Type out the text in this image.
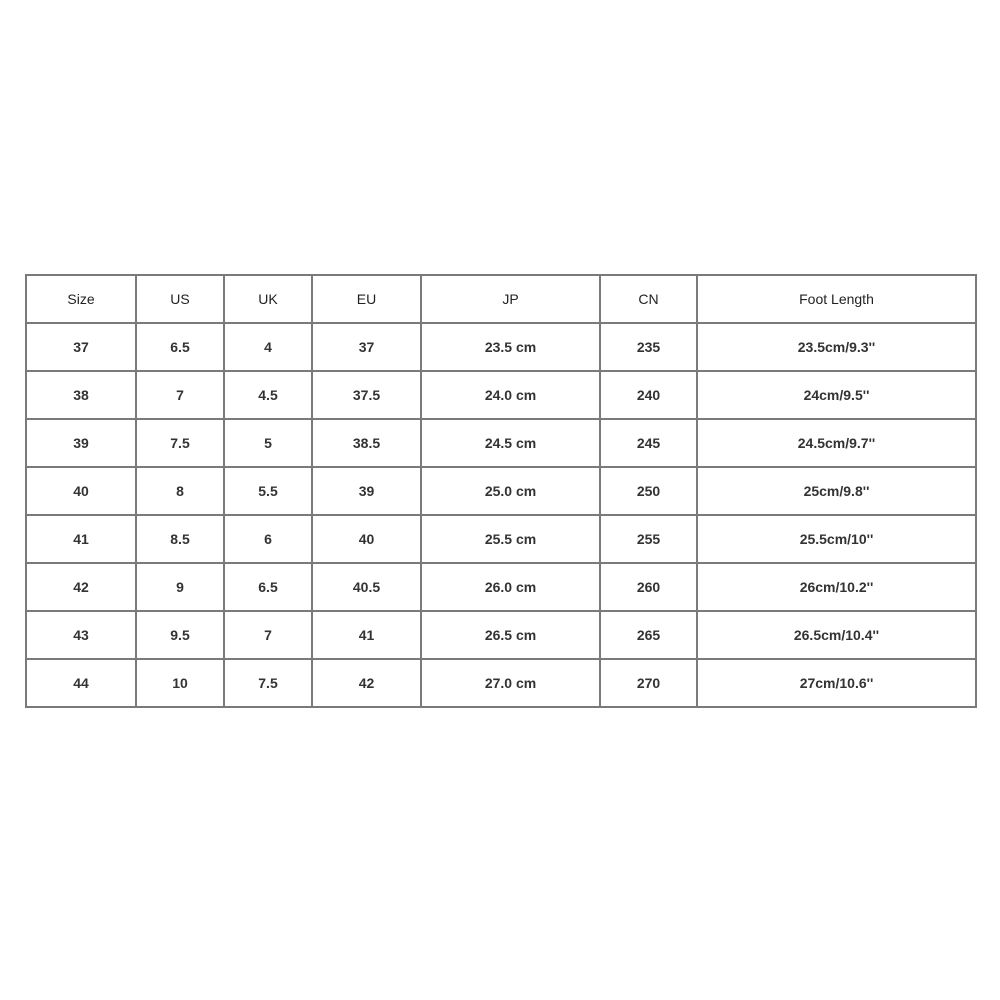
Size	US	UK	EU	JP	CN	Foot Length
37	6.5	4	37	23.5 cm	235	23.5cm/9.3''
38	7	4.5	37.5	24.0 cm	240	24cm/9.5''
39	7.5	5	38.5	24.5 cm	245	24.5cm/9.7''
40	8	5.5	39	25.0 cm	250	25cm/9.8''
41	8.5	6	40	25.5 cm	255	25.5cm/10''
42	9	6.5	40.5	26.0 cm	260	26cm/10.2''
43	9.5	7	41	26.5 cm	265	26.5cm/10.4''
44	10	7.5	42	27.0 cm	270	27cm/10.6''
